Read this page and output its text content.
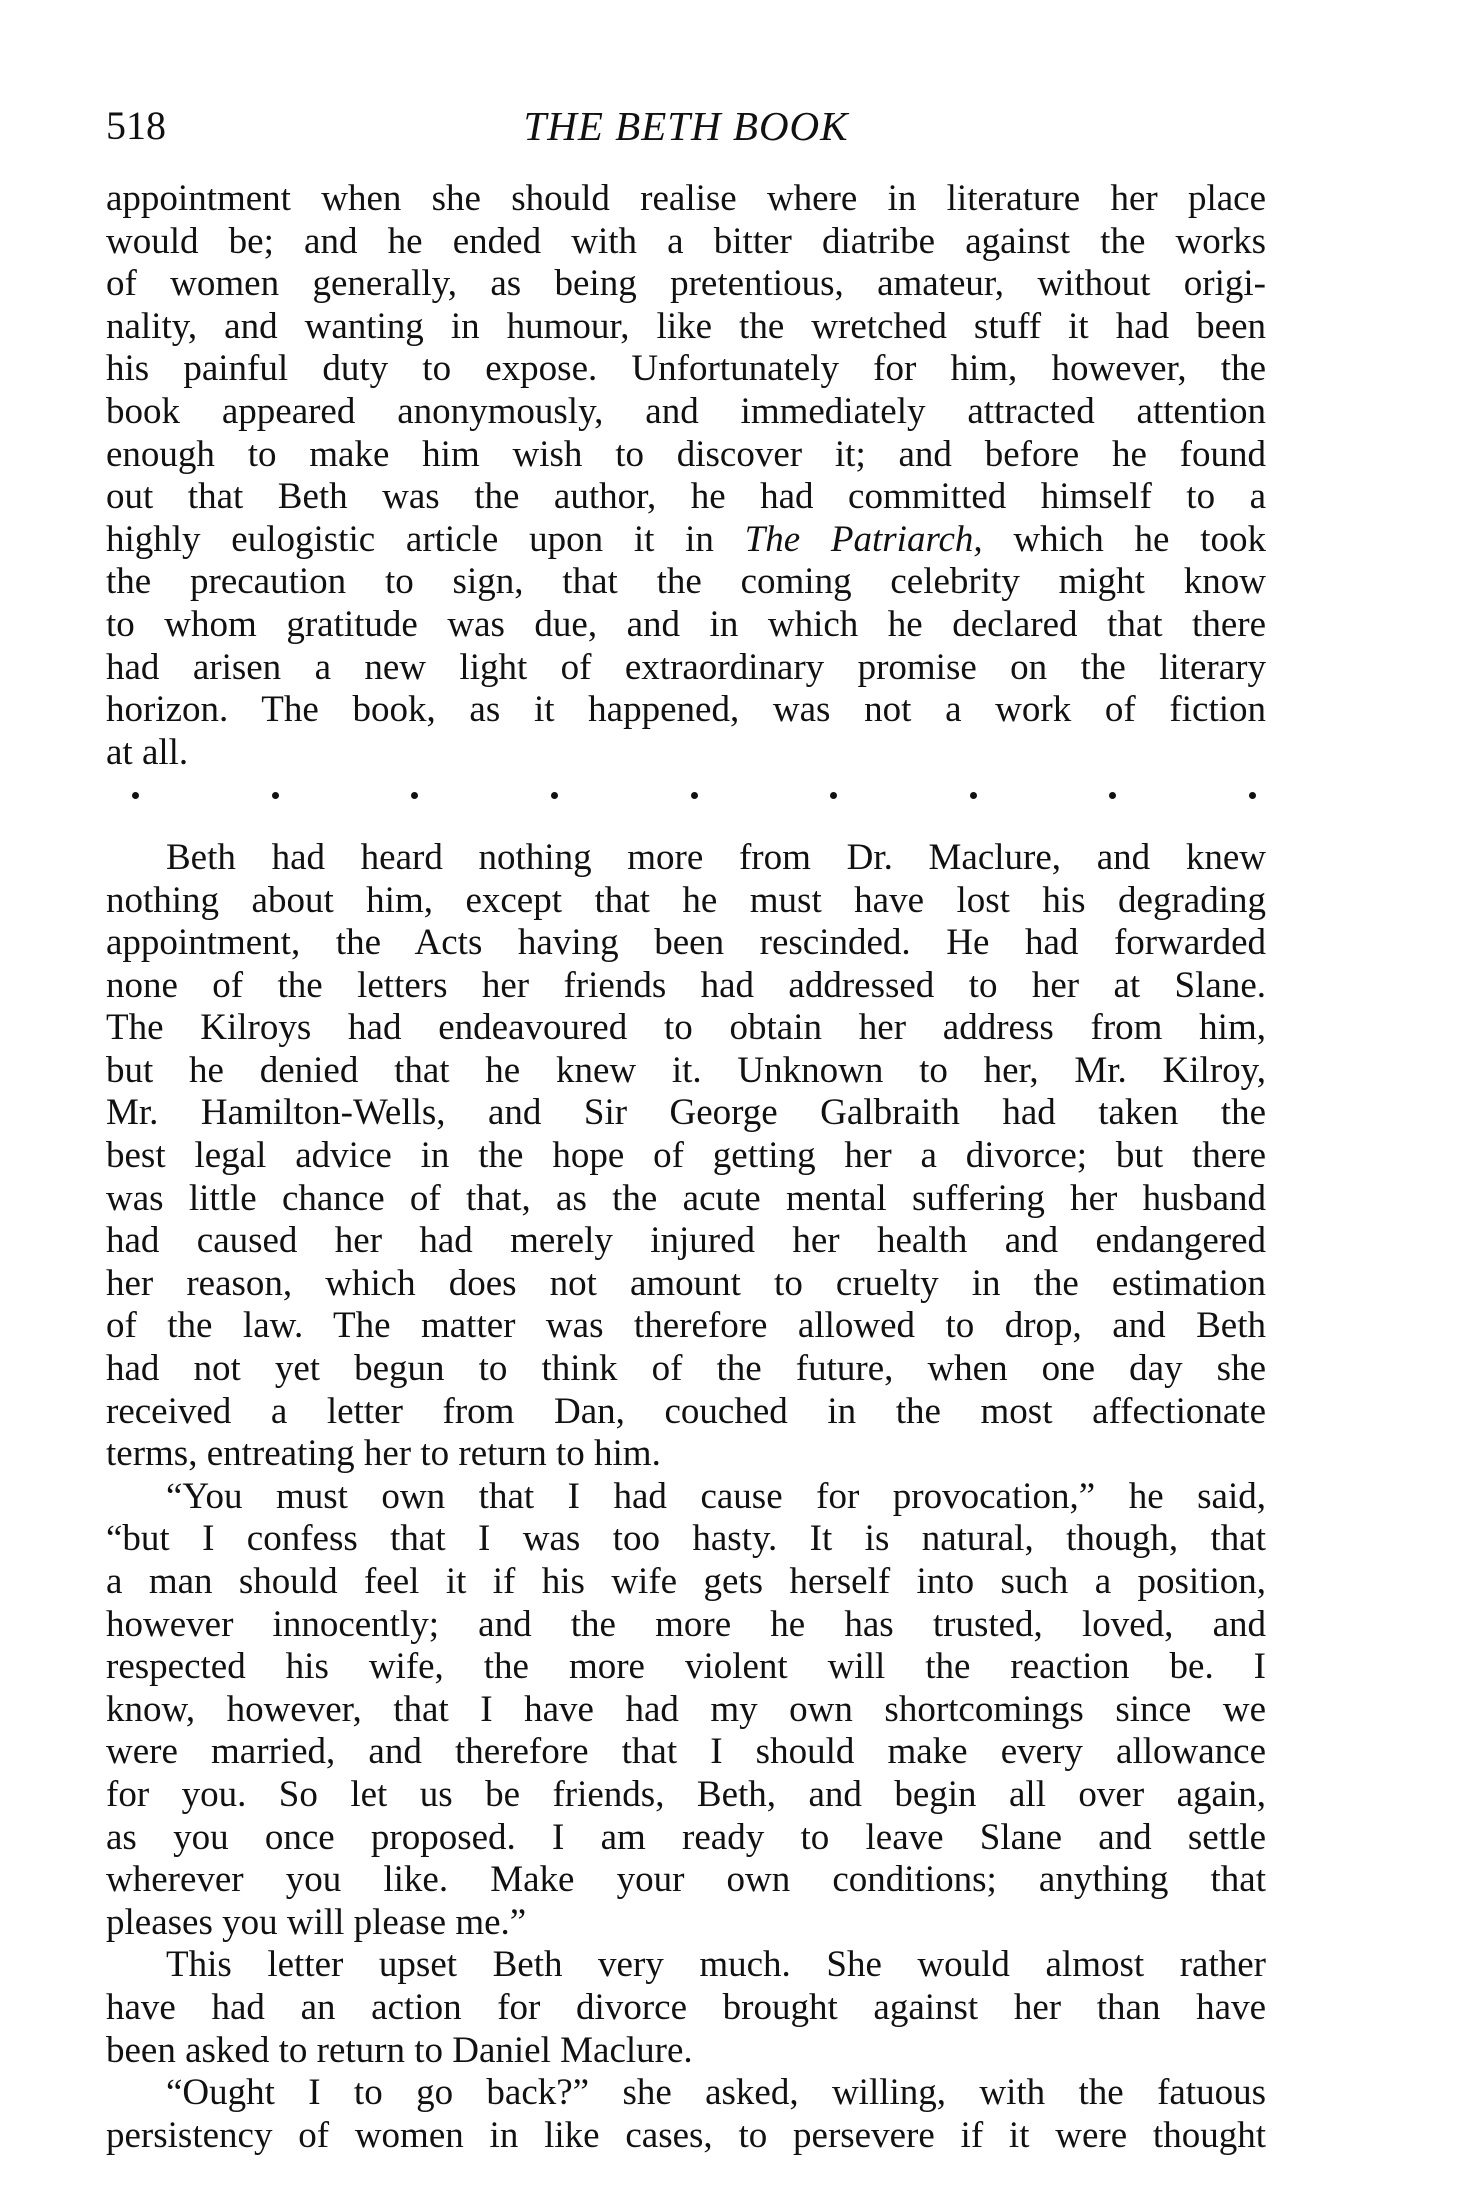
518	THE BETH BOOK
appointment when she should realise where in literature her place
would be; and he ended with a bitter diatribe against the works
of women generally, as being pretentious, amateur, without origi-
nality, and wanting in humour, like the wretched stuff it had been
his painful duty to expose. Unfortunately for him, however, the
book appeared anonymously, and immediately attracted attention
enough to make him wish to discover it; and before he found
out that Beth was the author, he had committed himself to a
highly eulogistic article upon it in The Patriarch, which he took
the precaution to sign, that the coming celebrity might know
to whom gratitude was due, and in which he declared that there
had arisen a new light of extraordinary promise on the literary
horizon. The book, as it happened, was not a work of fiction
at all.
Beth had heard nothing more from Dr. Maclure, and knew
nothing about him, except that he must have lost his degrading
appointment, the Acts having been rescinded. He had forwarded
none of the letters her friends had addressed to her at Slane.
The Kilroys had endeavoured to obtain her address from him,
but he denied that he knew it. Unknown to her, Mr. Kilroy,
Mr. Hamilton-Wells, and Sir George Galbraith had taken the
best legal advice in the hope of getting her a divorce; but there
was little chance of that, as the acute mental suffering her husband
had caused her had merely injured her health and endangered
her reason, which does not amount to cruelty in the estimation
of the law. The matter was therefore allowed to drop, and Beth
had not yet begun to think of the future, when one day she
received a letter from Dan, couched in the most affectionate
terms, entreating her to return to him.
“You must own that I had cause for provocation,” he said,
“but I confess that I was too hasty. It is natural, though, that
a man should feel it if his wife gets herself into such a position,
however innocently; and the more he has trusted, loved, and
respected his wife, the more violent will the reaction be. I
know, however, that I have had my own shortcomings since we
were married, and therefore that I should make every allowance
for you. So let us be friends, Beth, and begin all over again,
as you once proposed. I am ready to leave Slane and settle
wherever you like. Make your own conditions; anything that
pleases you will please me.”
This letter upset Beth very much. She would almost rather
have had an action for divorce brought against her than have
been asked to return to Daniel Maclure.
“Ought I to go back?” she asked, willing, with the fatuous
persistency of women in like cases, to persevere if it were thought
